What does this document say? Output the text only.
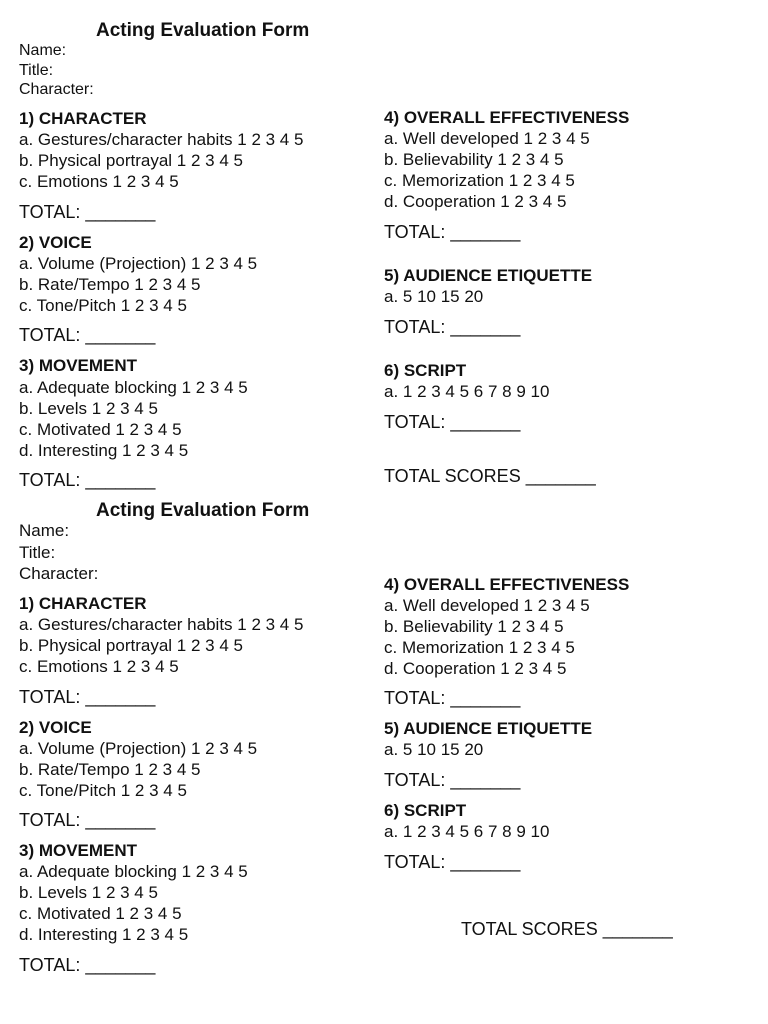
Acting Evaluation Form
Name:
Title:
Character:
1) CHARACTER
a. Gestures/character habits 1 2 3 4 5
b. Physical portrayal 1 2 3 4 5
c. Emotions 1 2 3 4 5
TOTAL: _______
2) VOICE
a. Volume (Projection) 1 2 3 4 5
b. Rate/Tempo 1 2 3 4 5
c. Tone/Pitch 1 2 3 4 5
TOTAL: _______
3) MOVEMENT
a. Adequate blocking 1 2 3 4 5
b. Levels 1 2 3 4 5
c. Motivated 1 2 3 4 5
d. Interesting 1 2 3 4 5
TOTAL: _______
4) OVERALL EFFECTIVENESS
a. Well developed 1 2 3 4 5
b. Believability 1 2 3 4 5
c. Memorization 1 2 3 4 5
d. Cooperation 1 2 3 4 5
TOTAL: _______
5) AUDIENCE ETIQUETTE
a. 5 10 15 20
TOTAL: _______
6) SCRIPT
a. 1 2 3 4 5 6 7 8 9 10
TOTAL: _______
TOTAL SCORES _______
Acting Evaluation Form
Name:
Title:
Character:
1) CHARACTER
a. Gestures/character habits 1 2 3 4 5
b. Physical portrayal 1 2 3 4 5
c. Emotions 1 2 3 4 5
TOTAL: _______
2) VOICE
a. Volume (Projection) 1 2 3 4 5
b. Rate/Tempo 1 2 3 4 5
c. Tone/Pitch 1 2 3 4 5
TOTAL: _______
3) MOVEMENT
a. Adequate blocking 1 2 3 4 5
b. Levels 1 2 3 4 5
c. Motivated 1 2 3 4 5
d. Interesting 1 2 3 4 5
TOTAL: _______
4) OVERALL EFFECTIVENESS
a. Well developed 1 2 3 4 5
b. Believability 1 2 3 4 5
c. Memorization 1 2 3 4 5
d. Cooperation 1 2 3 4 5
TOTAL: _______
5) AUDIENCE ETIQUETTE
a. 5 10 15 20
TOTAL: _______
6) SCRIPT
a. 1 2 3 4 5 6 7 8 9 10
TOTAL: _______
TOTAL SCORES _______
